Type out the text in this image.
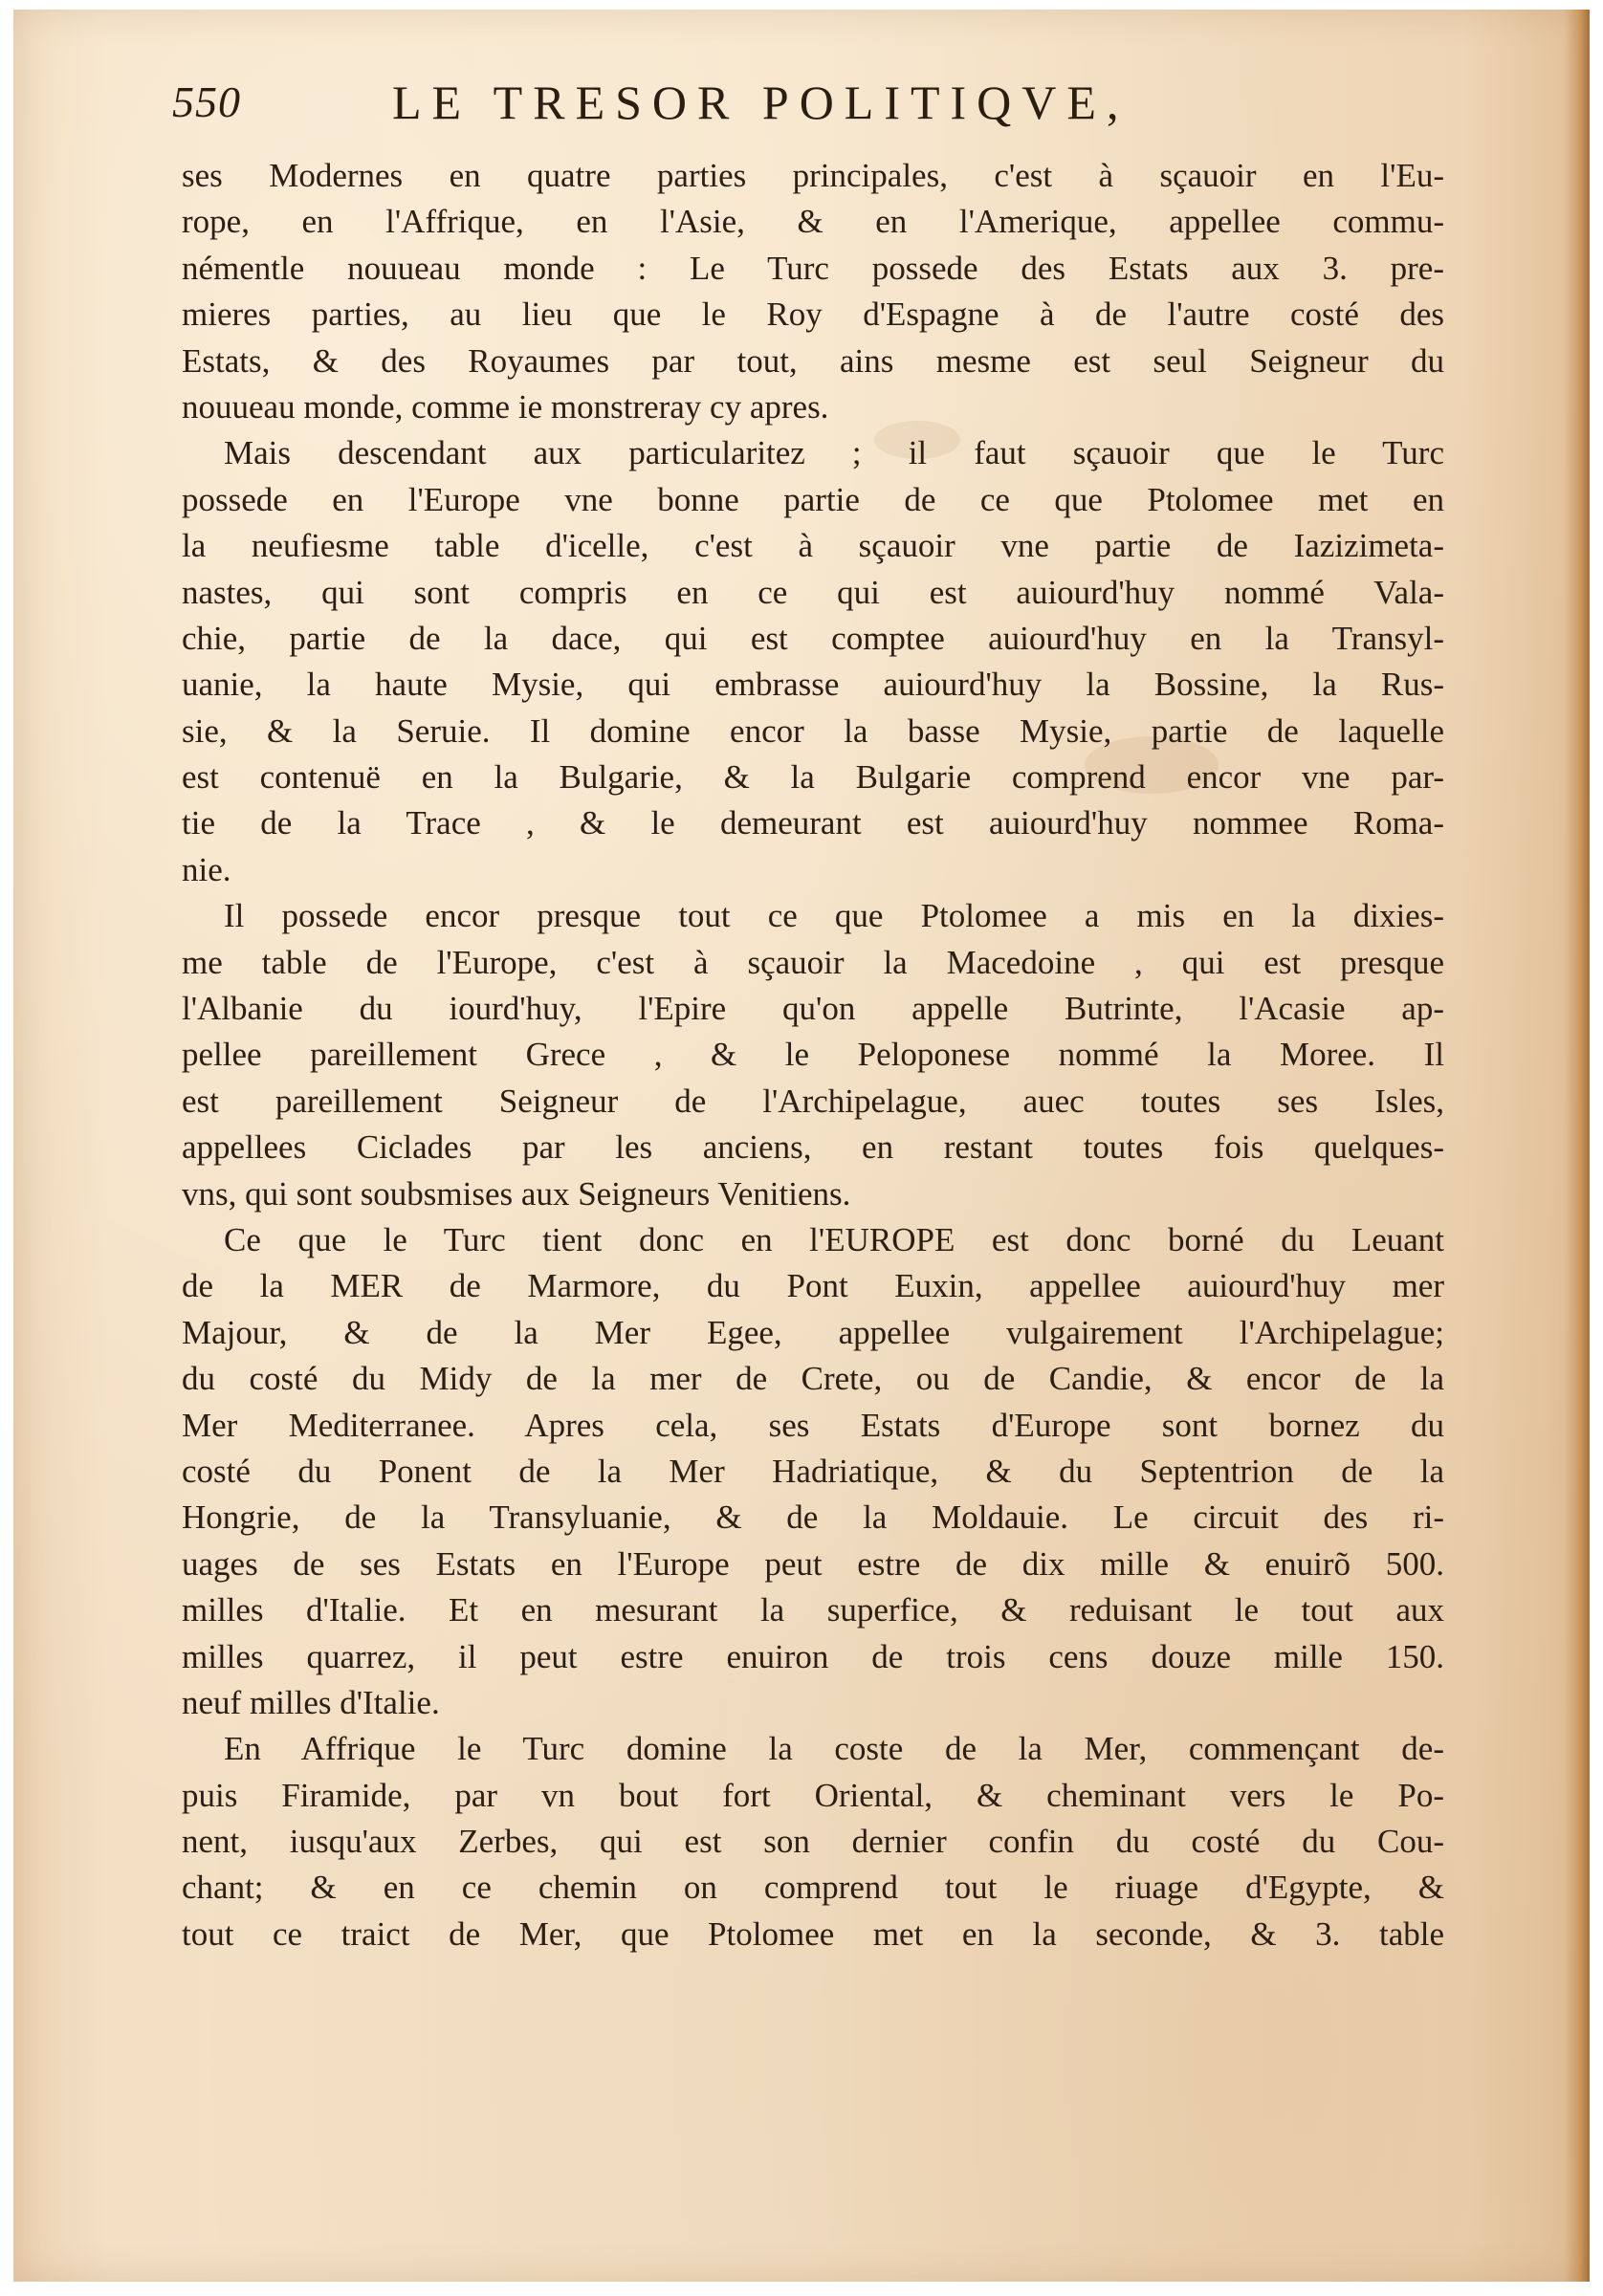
550	LE TRESOR POLITIQVE,
ses Modernes en quatre parties principales, c'est à sçauoir en l'Eu-
rope, en l'Affrique, en l'Asie, & en l'Amerique, appellee commu-
némentle nouueau monde : Le Turc possede des Estats aux 3. pre-
mieres parties, au lieu que le Roy d'Espagne à de l'autre costé des
Estats, & des Royaumes par tout, ains mesme est seul Seigneur du
nouueau monde, comme ie monstreray cy apres.
Mais descendant aux particularitez ; il faut sçauoir que le Turc
possede en l'Europe vne bonne partie de ce que Ptolomee met en
la neufiesme table d'icelle, c'est à sçauoir vne partie de Iazizimeta-
nastes, qui sont compris en ce qui est auiourd'huy nommé Vala-
chie, partie de la dace, qui est comptee auiourd'huy en la Transyl-
uanie, la haute Mysie, qui embrasse auiourd'huy la Bossine, la Rus-
sie, & la Seruie. Il domine encor la basse Mysie, partie de laquelle
est contenuë en la Bulgarie, & la Bulgarie comprend encor vne par-
tie de la Trace , & le demeurant est auiourd'huy nommee Roma-
nie.
Il possede encor presque tout ce que Ptolomee a mis en la dixies-
me table de l'Europe, c'est à sçauoir la Macedoine , qui est presque
l'Albanie du iourd'huy, l'Epire qu'on appelle Butrinte, l'Acasie ap-
pellee pareillement Grece , & le Peloponese nommé la Moree. Il
est pareillement Seigneur de l'Archipelague, auec toutes ses Isles,
appellees Ciclades par les anciens, en restant toutes fois quelques-
vns, qui sont soubsmises aux Seigneurs Venitiens.
Ce que le Turc tient donc en l'EUROPE est donc borné du Leuant
de la MER de Marmore, du Pont Euxin, appellee auiourd'huy mer
Majour, & de la Mer Egee, appellee vulgairement l'Archipelague;
du costé du Midy de la mer de Crete, ou de Candie, & encor de la
Mer Mediterranee. Apres cela, ses Estats d'Europe sont bornez du
costé du Ponent de la Mer Hadriatique, & du Septentrion de la
Hongrie, de la Transyluanie, & de la Moldauie. Le circuit des ri-
uages de ses Estats en l'Europe peut estre de dix mille & enuirõ 500.
milles d'Italie. Et en mesurant la superfice, & reduisant le tout aux
milles quarrez, il peut estre enuiron de trois cens douze mille 150.
neuf milles d'Italie.
En Affrique le Turc domine la coste de la Mer, commençant de-
puis Firamide, par vn bout fort Oriental, & cheminant vers le Po-
nent, iusqu'aux Zerbes, qui est son dernier confin du costé du Cou-
chant; & en ce chemin on comprend tout le riuage d'Egypte, &
tout ce traict de Mer, que Ptolomee met en la seconde, & 3. table
